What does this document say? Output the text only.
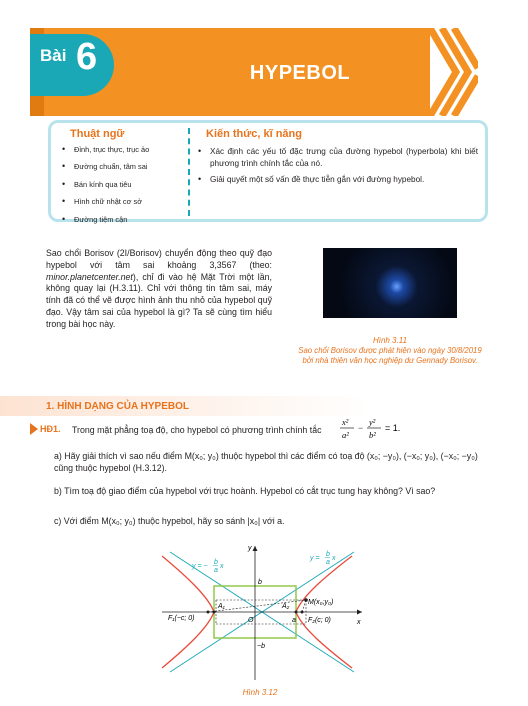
Bài 6	HYPEBOL
Thuật ngữ
• Đỉnh, trục thực, trục ảo
• Đường chuẩn, tâm sai
• Bán kính qua tiêu
• Hình chữ nhật cơ sở
• Đường tiệm cận
Kiến thức, kĩ năng
• Xác định các yếu tố đặc trưng của đường hypebol (hyperbola) khi biết phương trình chính tắc của nó.
• Giải quyết một số vấn đề thực tiễn gắn với đường hypebol.

Sao chổi Borisov (2I/Borisov) chuyển động theo quỹ đạo hypebol với tâm sai khoảng 3,3567 (theo: minor.planetcenter.net), chỉ đi vào hệ Mặt Trời một lần, không quay lại (H.3.11). Chỉ với thông tin tâm sai, máy tính đã có thể vẽ được hình ảnh thu nhỏ của hypebol quỹ đạo. Vậy tâm sai của hypebol là gì? Ta sẽ cùng tìm hiểu trong bài học này.

Hình 3.11
Sao chổi Borisov được phát hiện vào ngày 30/8/2019 bởi nhà thiên văn học nghiệp dư Gennady Borisov.
1. HÌNH DẠNG CỦA HYPEBOL
HĐ1. Trong mặt phẳng toạ độ, cho hypebol có phương trình chính tắc
x²
a²
−
y²
b²
= 1.

a) Hãy giải thích vì sao nếu điểm M(x₀; y₀) thuộc hypebol thì các điểm có toạ độ (x₀; −y₀), (−x₀; y₀), (−x₀; −y₀) cũng thuộc hypebol (H.3.12).

b) Tìm toạ độ giao điểm của hypebol với trục hoành. Hypebol có cắt trục tung hay không? Vì sao?

c) Với điểm M(x₀; y₀) thuộc hypebol, hãy so sánh |x₀| với a.

x
y
O
b
−b
a
A₁	A₂
F₁(−c; 0)	F₂(c; 0)
M(x₀;y₀)
y = −
b
a
x
y =
b
a
x
Hình 3.12
